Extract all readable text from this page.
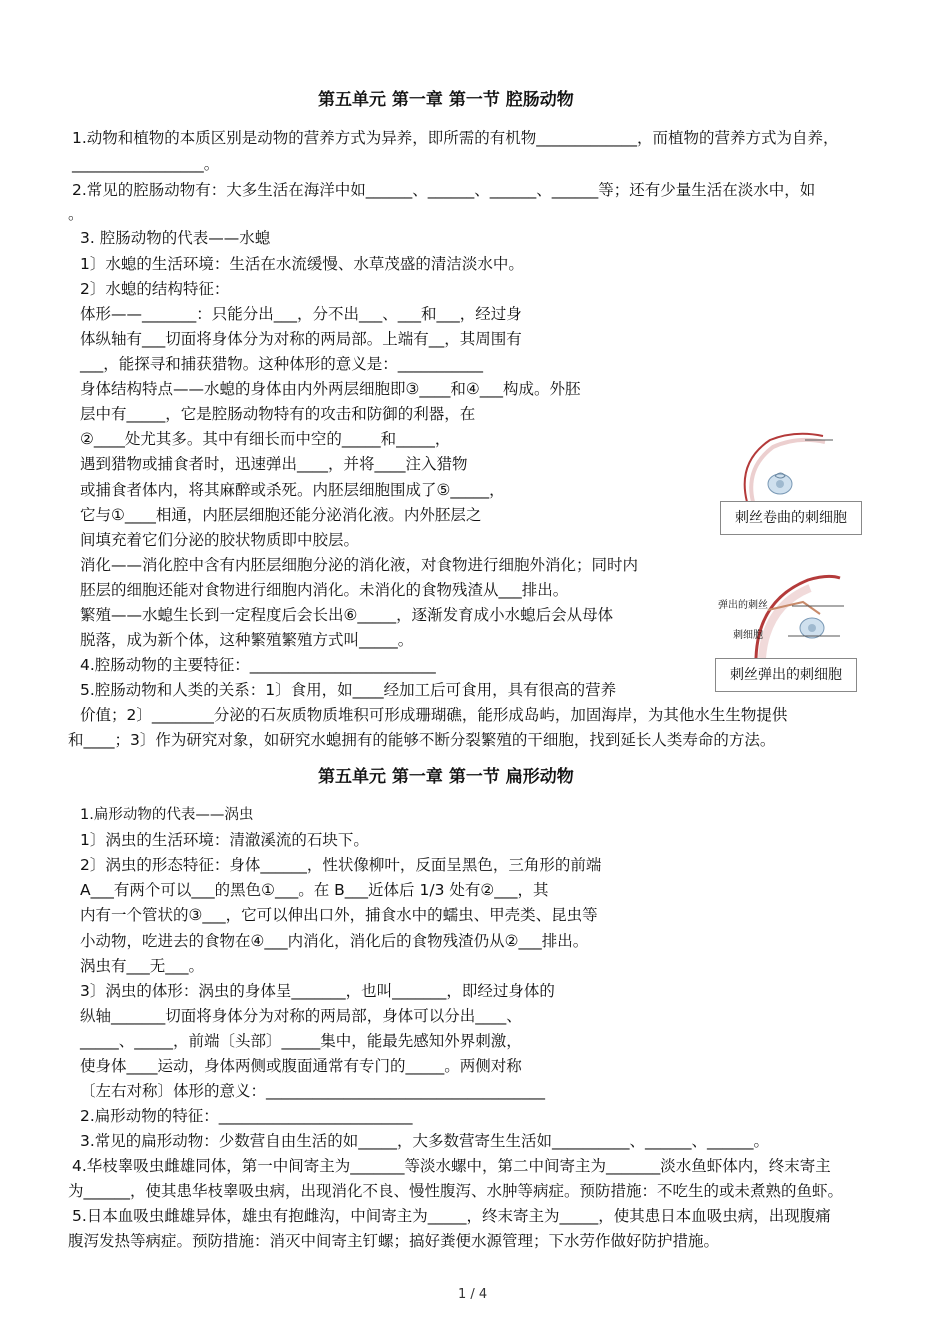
第五单元 第一章 第一节 腔肠动物
1.动物和植物的本质区别是动物的营养方式为异养，即所需的有机物_____________，而植物的营养方式为自养，
_________________。
2.常见的腔肠动物有：大多生活在海洋中如______、______、______、______等；还有少量生活在淡水中，如
。
3. 腔肠动物的代表——水螅
1〕水螅的生活环境：生活在水流缓慢、水草茂盛的清洁淡水中。
2〕水螅的结构特征：
体形——_______：只能分出___，分不出___、___和___，经过身
体纵轴有___切面将身体分为对称的两局部。上端有__，其周围有
___，能探寻和捕获猎物。这种体形的意义是：___________
身体结构特点——水螅的身体由内外两层细胞即③____和④___构成。外胚
层中有_____，它是腔肠动物特有的攻击和防御的利器，在
②____处尤其多。其中有细长而中空的_____和_____，
遇到猎物或捕食者时，迅速弹出____，并将____注入猎物
或捕食者体内，将其麻醉或杀死。内胚层细胞围成了⑤_____，
它与①____相通，内胚层细胞还能分泌消化液。内外胚层之
间填充着它们分泌的胶状物质即中胶层。
消化——消化腔中含有内胚层细胞分泌的消化液，对食物进行细胞外消化；同时内
胚层的细胞还能对食物进行细胞内消化。未消化的食物残渣从___排出。
繁殖——水螅生长到一定程度后会长出⑥_____，逐渐发育成小水螅后会从母体
脱落，成为新个体，这种繁殖繁殖方式叫_____。
4.腔肠动物的主要特征：________________________
5.腔肠动物和人类的关系：1〕食用，如____经加工后可食用，具有很高的营养
价值；2〕________分泌的石灰质物质堆积可形成珊瑚礁，能形成岛屿，加固海岸，为其他水生生物提供
和____；3〕作为研究对象，如研究水螅拥有的能够不断分裂繁殖的干细胞，找到延长人类寿命的方法。
刺丝卷曲的刺细胞
弹出的刺丝
刺细胞
刺丝弹出的刺细胞
第五单元 第一章 第一节 扁形动物
1.扁形动物的代表——涡虫
1〕涡虫的生活环境：清澈溪流的石块下。
2〕涡虫的形态特征：身体______，性状像柳叶，反面呈黑色，三角形的前端
A___有两个可以___的黑色①___。在 B___近体后 1/3 处有②___，其
内有一个管状的③___，它可以伸出口外，捕食水中的蠕虫、甲壳类、昆虫等
小动物，吃进去的食物在④___内消化，消化后的食物残渣仍从②___排出。
涡虫有___无___。
3〕涡虫的体形：涡虫的身体呈_______，也叫_______，即经过身体的
纵轴_______切面将身体分为对称的两局部，身体可以分出____、
_____、_____，前端〔头部〕_____集中，能最先感知外界刺激，
使身体____运动，身体两侧或腹面通常有专门的_____。两侧对称
〔左右对称〕体形的意义：____________________________________
2.扁形动物的特征：_________________________
3.常见的扁形动物：少数营自由生活的如_____，大多数营寄生生活如__________、______、______。
4.华枝睾吸虫雌雄同体，第一中间寄主为_______等淡水螺中，第二中间寄主为_______淡水鱼虾体内，终末寄主
为______，使其患华枝睾吸虫病，出现消化不良、慢性腹泻、水肿等病症。预防措施：不吃生的或未煮熟的鱼虾。
5.日本血吸虫雌雄异体，雄虫有抱雌沟，中间寄主为_____，终末寄主为_____，使其患日本血吸虫病，出现腹痛
腹泻发热等病症。预防措施：消灭中间寄主钉螺；搞好粪便水源管理；下水劳作做好防护措施。
1 / 4
